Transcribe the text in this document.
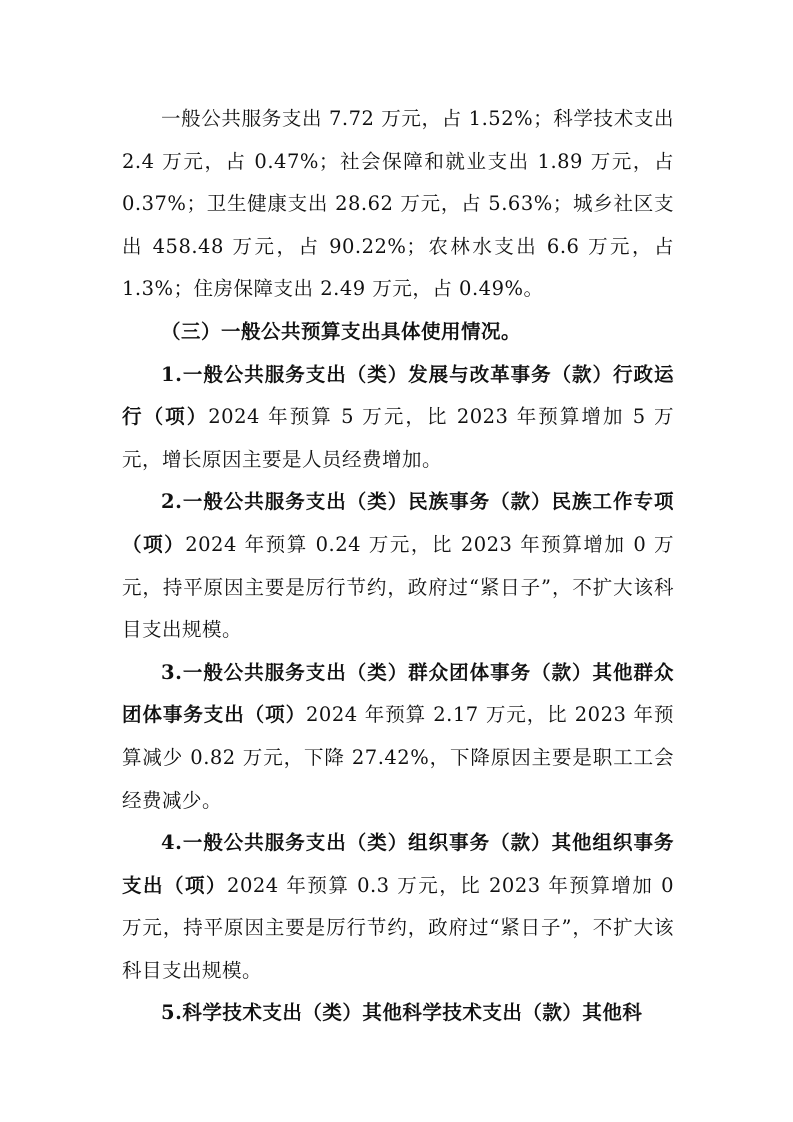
一般公共服务支出 7.72 万元，占 1.52%；科学技术支出 2.4 万元，占 0.47%；社会保障和就业支出 1.89 万元，占 0.37%；卫生健康支出 28.62 万元，占 5.63%；城乡社区支出 458.48 万元，占 90.22%；农林水支出 6.6 万元，占 1.3%；住房保障支出 2.49 万元，占 0.49%。

（三）一般公共预算支出具体使用情况。

1.一般公共服务支出（类）发展与改革事务（款）行政运行（项）2024 年预算 5 万元，比 2023 年预算增加 5 万元，增长原因主要是人员经费增加。

2.一般公共服务支出（类）民族事务（款）民族工作专项（项）2024 年预算 0.24 万元，比 2023 年预算增加 0 万元，持平原因主要是厉行节约，政府过“紧日子”，不扩大该科目支出规模。

3.一般公共服务支出（类）群众团体事务（款）其他群众团体事务支出（项）2024 年预算 2.17 万元，比 2023 年预算减少 0.82 万元，下降 27.42%，下降原因主要是职工工会经费减少。

4.一般公共服务支出（类）组织事务（款）其他组织事务支出（项）2024 年预算 0.3 万元，比 2023 年预算增加 0 万元，持平原因主要是厉行节约，政府过“紧日子”，不扩大该科目支出规模。

5.科学技术支出（类）其他科学技术支出（款）其他科
